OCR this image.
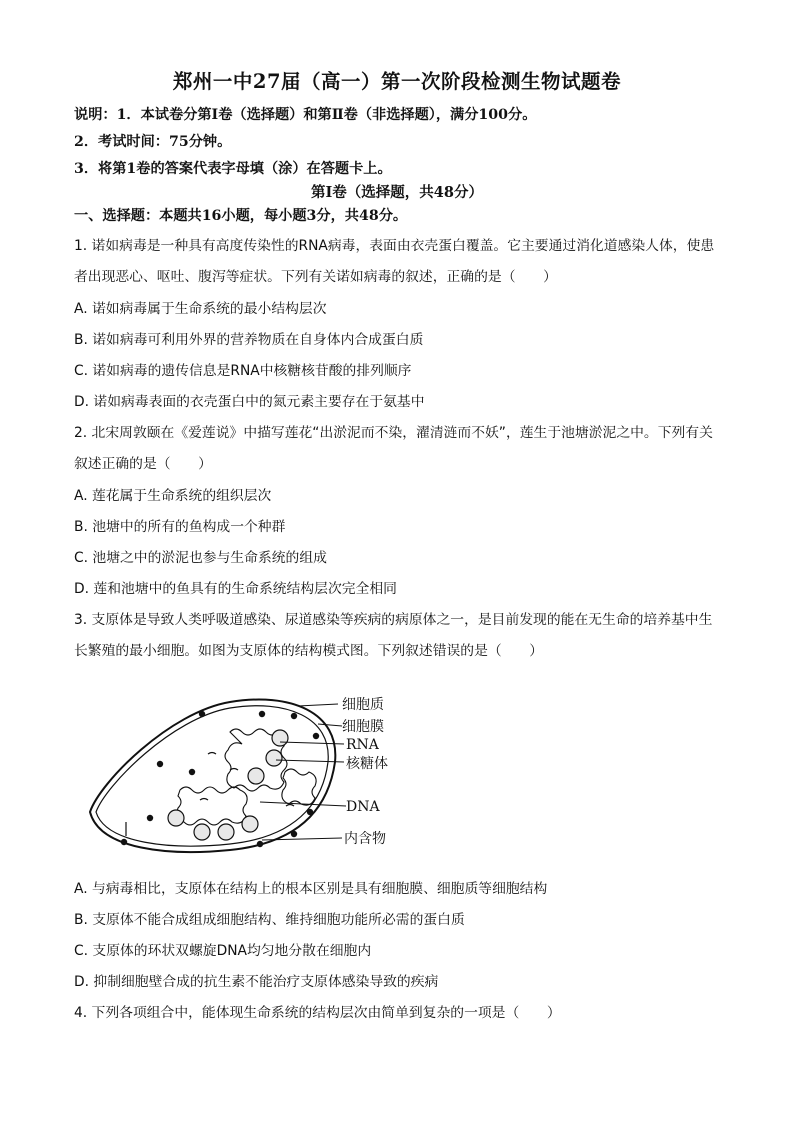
郑州一中27届（高一）第一次阶段检测生物试题卷
说明：1．本试卷分第Ⅰ卷（选择题）和第Ⅱ卷（非选择题），满分100分。
2．考试时间：75分钟。
3．将第1卷的答案代表字母填（涂）在答题卡上。
第Ⅰ卷（选择题，共48分）
一、选择题：本题共16小题，每小题3分，共48分。
1. 诺如病毒是一种具有高度传染性的RNA病毒，表面由衣壳蛋白覆盖。它主要通过消化道感染人体，使患
者出现恶心、呕吐、腹泻等症状。下列有关诺如病毒的叙述，正确的是（　　）
A. 诺如病毒属于生命系统的最小结构层次
B. 诺如病毒可利用外界的营养物质在自身体内合成蛋白质
C. 诺如病毒的遗传信息是RNA中核糖核苷酸的排列顺序
D. 诺如病毒表面的衣壳蛋白中的氮元素主要存在于氨基中
2. 北宋周敦颐在《爱莲说》中描写莲花“出淤泥而不染，濯清涟而不妖”，莲生于池塘淤泥之中。下列有关
叙述正确的是（　　）
A. 莲花属于生命系统的组织层次
B. 池塘中的所有的鱼构成一个种群
C. 池塘之中的淤泥也参与生命系统的组成
D. 莲和池塘中的鱼具有的生命系统结构层次完全相同
3. 支原体是导致人类呼吸道感染、尿道感染等疾病的病原体之一，是目前发现的能在无生命的培养基中生
长繁殖的最小细胞。如图为支原体的结构模式图。下列叙述错误的是（　　）
细胞质
细胞膜
RNA
核糖体
DNA
内含物
A. 与病毒相比，支原体在结构上的根本区别是具有细胞膜、细胞质等细胞结构
B. 支原体不能合成组成细胞结构、维持细胞功能所必需的蛋白质
C. 支原体的环状双螺旋DNA均匀地分散在细胞内
D. 抑制细胞壁合成的抗生素不能治疗支原体感染导致的疾病
4. 下列各项组合中，能体现生命系统的结构层次由简单到复杂的一项是（　　）
